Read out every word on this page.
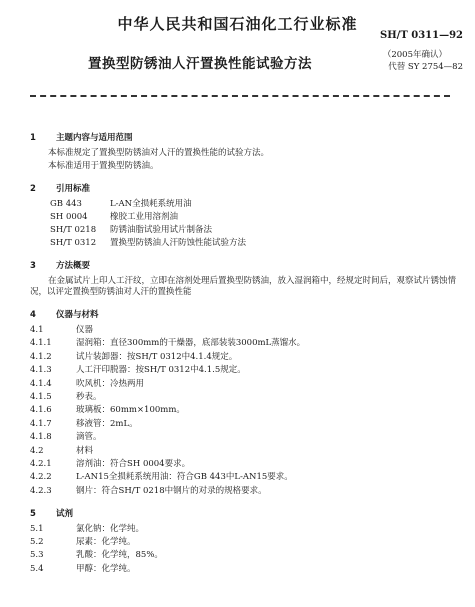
中华人民共和国石油化工行业标准
SH/T 0311—92
（2005年确认）
代替 SY 2754—82
置换型防锈油人汗置换性能试验方法
1 主题内容与适用范围

本标准规定了置换型防锈油对人汗的置换性能的试验方法。

本标准适用于置换型防锈油。

2 引用标准
GB 443	L-AN全损耗系统用油
SH 0004	橡胶工业用溶剂油
SH/T 0218	防锈油脂试验用试片制备法
SH/T 0312	置换型防锈油人汗防蚀性能试验方法
3 方法概要

在金属试片上印人工汗纹，立即在溶剂处理后置换型防锈油，放入湿润箱中，经规定时间后，观察试片锈蚀情况，以评定置换型防锈油对人汗的置换性能

4 仪器与材料
4.1	仪器
4.1.1	湿润箱：直径300mm的干燥器，底部装装3000mL蒸馏水。
4.1.2	试片装卸器：按SH/T 0312中4.1.4规定。
4.1.3	人工汗印脱器：按SH/T 0312中4.1.5规定。
4.1.4	吹风机：冷热两用
4.1.5	秒表。
4.1.6	玻璃板：60mm×100mm。
4.1.7	移液管：2mL。
4.1.8	滴管。
4.2	材料
4.2.1	溶剂油：符合SH 0004要求。
4.2.2	L-AN15全损耗系统用油：符合GB 443中L-AN15要求。
4.2.3	钢片：符合SH/T 0218中钢片的对录的规格要求。
5 试剂
5.1	氯化钠：化学纯。
5.2	尿素：化学纯。
5.3	乳酸：化学纯，85%。
5.4	甲醇：化学纯。
